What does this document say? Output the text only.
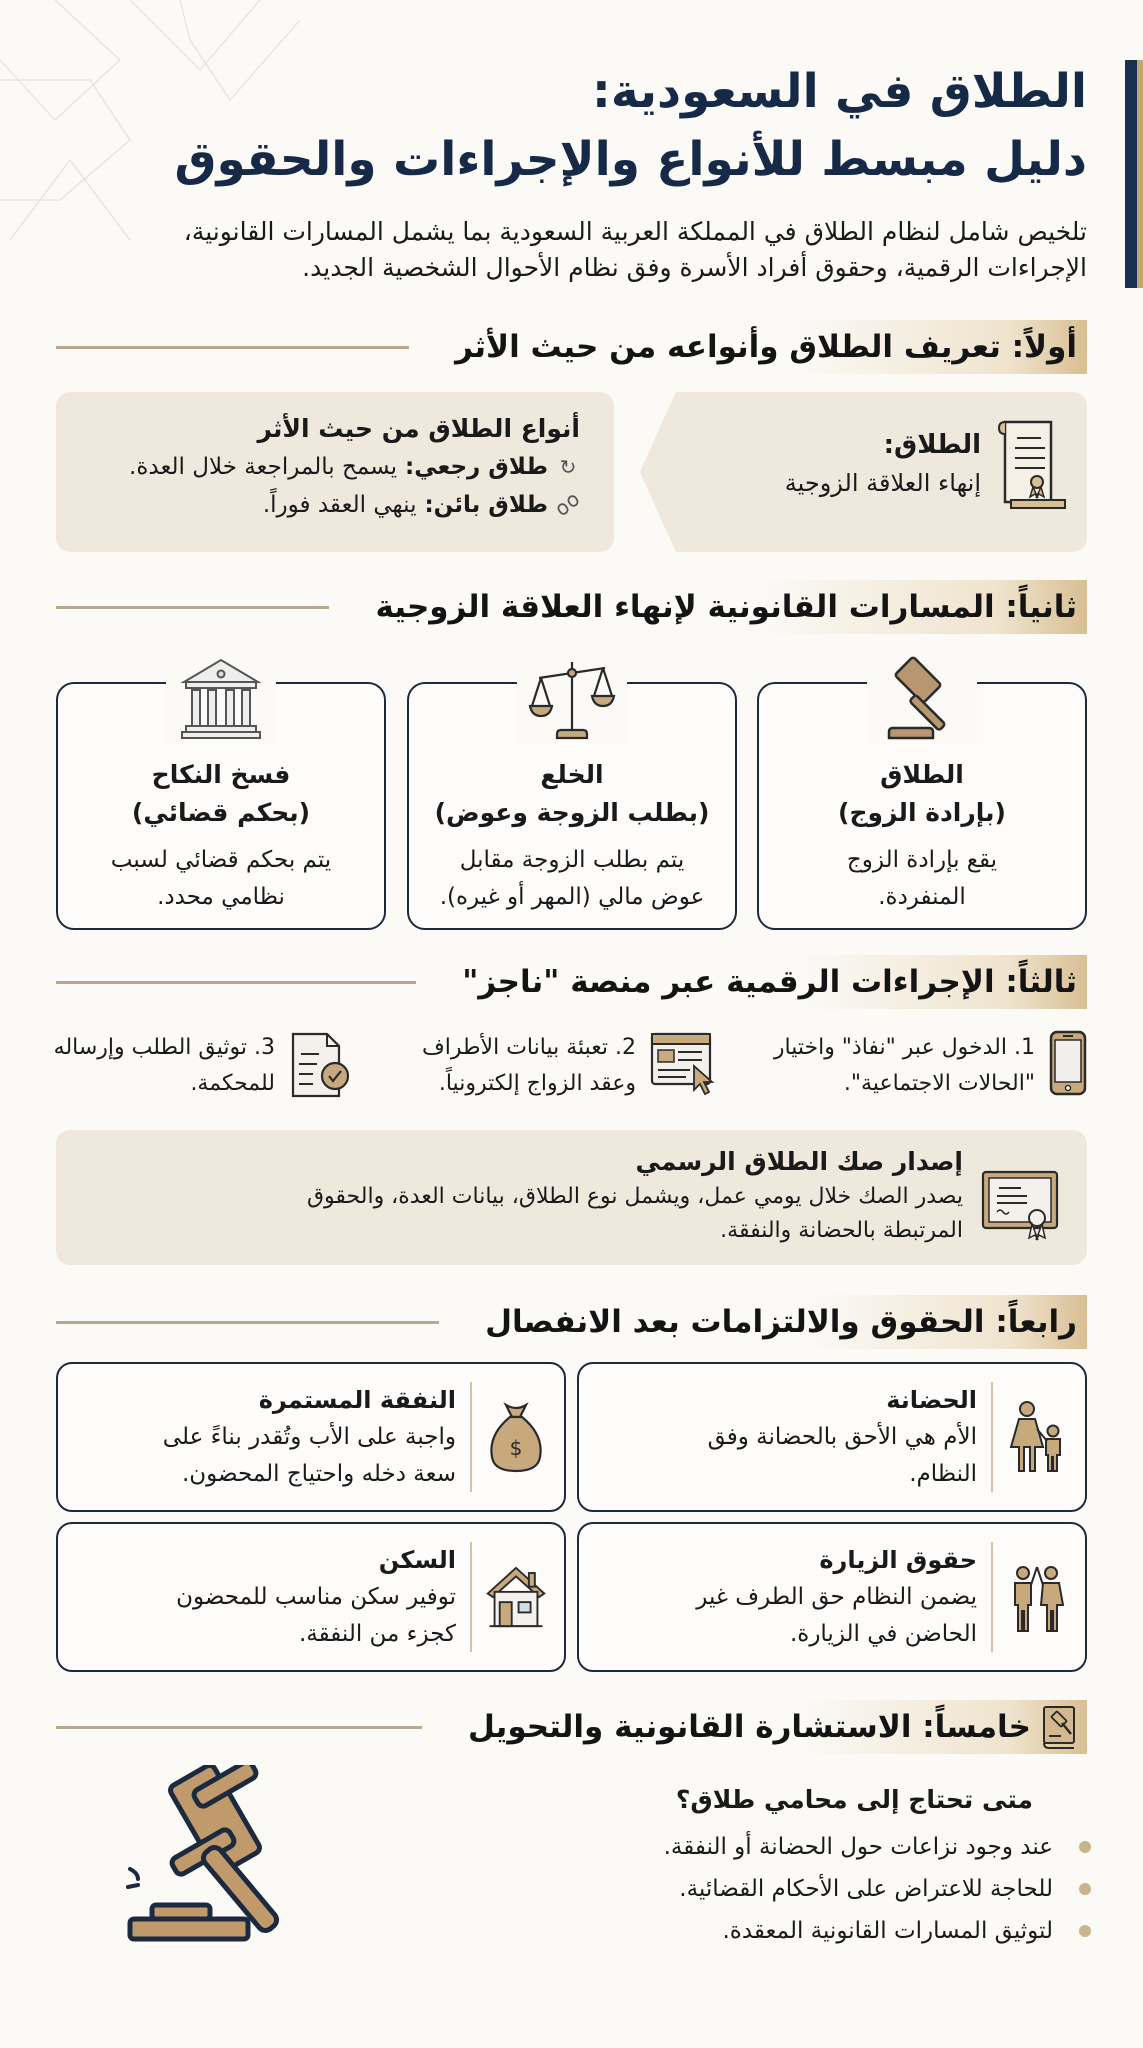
الطلاق في السعودية:
دليل مبسط للأنواع والإجراءات والحقوق
تلخيص شامل لنظام الطلاق في المملكة العربية السعودية بما يشمل المسارات القانونية،
الإجراءات الرقمية، وحقوق أفراد الأسرة وفق نظام الأحوال الشخصية الجديد.
أولاً: تعريف الطلاق وأنواعه من حيث الأثر
الطلاق:
إنهاء العلاقة الزوجية
أنواع الطلاق من حيث الأثر
↻
طلاق رجعي:
يسمح بالمراجعة خلال العدة.
طلاق بائن:
ينهي العقد فوراً.
ثانياً: المسارات القانونية لإنهاء العلاقة الزوجية
الطلاق
(بإرادة الزوج)
يقع بإرادة الزوج
المنفردة.
الخلع
(بطلب الزوجة وعوض)
يتم بطلب الزوجة مقابل
عوض مالي (المهر أو غيره).
فسخ النكاح
(بحكم قضائي)
يتم بحكم قضائي لسبب
نظامي محدد.
ثالثاً: الإجراءات الرقمية عبر منصة "ناجز"
1. الدخول عبر "نفاذ" واختيار
"الحالات الاجتماعية".
2. تعبئة بيانات الأطراف
وعقد الزواج إلكترونياً.
3. توثيق الطلب وإرساله
للمحكمة.
إصدار صك الطلاق الرسمي
يصدر الصك خلال يومي عمل، ويشمل نوع الطلاق، بيانات العدة، والحقوق
المرتبطة بالحضانة والنفقة.
رابعاً: الحقوق والالتزامات بعد الانفصال
الحضانة
الأم هي الأحق بالحضانة وفق
النظام.
$
النفقة المستمرة
واجبة على الأب وتُقدر بناءً على
سعة دخله واحتياج المحضون.
حقوق الزيارة
يضمن النظام حق الطرف غير
الحاضن في الزيارة.
السكن
توفير سكن مناسب للمحضون
كجزء من النفقة.
خامساً: الاستشارة القانونية والتحويل
متى تحتاج إلى محامي طلاق؟
عند وجود نزاعات حول الحضانة أو النفقة.
للحاجة للاعتراض على الأحكام القضائية.
لتوثيق المسارات القانونية المعقدة.
